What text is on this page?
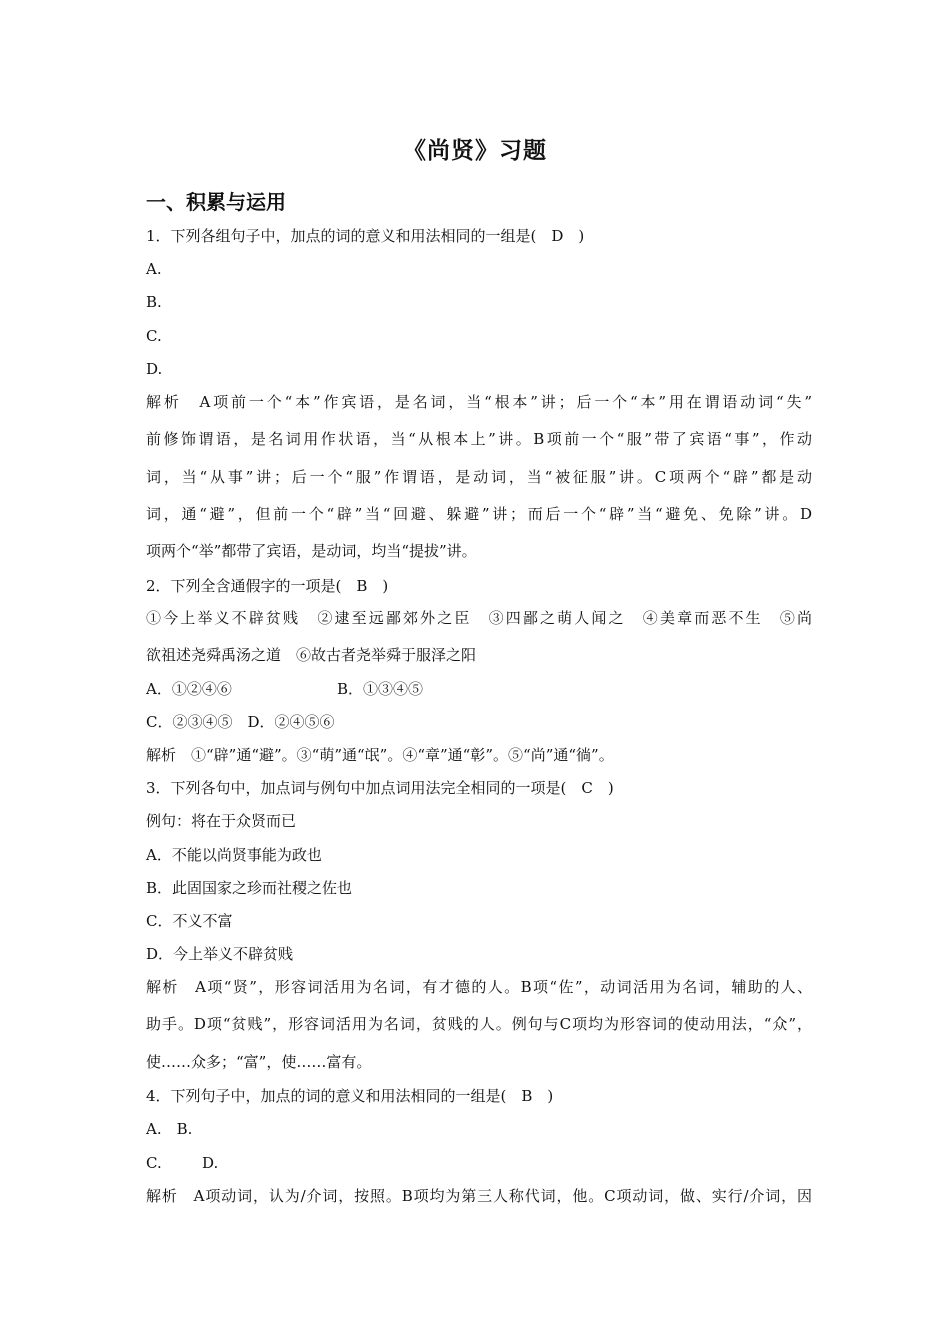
《尚贤》习题
一、积累与运用
1．下列各组句子中，加点的词的意义和用法相同的一组是(　D　)
A.
B.
C.
D.
解析　A项前一个“本”作宾语，是名词，当“根本”讲；后一个“本”用在谓语动词“失”
前修饰谓语，是名词用作状语，当“从根本上”讲。B项前一个“服”带了宾语“事”，作动
词，当“从事”讲；后一个“服”作谓语，是动词，当“被征服”讲。C项两个“辟”都是动
词，通“避”，但前一个“辟”当“回避、躲避”讲；而后一个“辟”当“避免、免除”讲。D
项两个“举”都带了宾语，是动词，均当“提拔”讲。
2．下列全含通假字的一项是(　B　)
①今上举义不辟贫贱　②逮至远鄙郊外之臣　③四鄙之萌人闻之　④美章而恶不生　⑤尚
欲祖述尧舜禹汤之道　⑥故古者尧举舜于服泽之阳
A．①②④⑥	B．①③④⑤
C．②③④⑤　D．②④⑤⑥
解析　①“辟”通“避”。③“萌”通“氓”。④“章”通“彰”。⑤“尚”通“徜”。
3．下列各句中，加点词与例句中加点词用法完全相同的一项是(　C　)
例句：将在于众贤而已
A．不能以尚贤事能为政也
B．此固国家之珍而社稷之佐也
C．不义不富
D．今上举义不辟贫贱
解析　A项“贤”，形容词活用为名词，有才德的人。B项“佐”，动词活用为名词，辅助的人、
助手。D项“贫贱”，形容词活用为名词，贫贱的人。例句与C项均为形容词的使动用法，“众”，
使……众多；“富”，使……富有。
4．下列句子中，加点的词的意义和用法相同的一组是(　B　)
A.　B.
C.	D.
解析　A项动词，认为/介词，按照。B项均为第三人称代词，他。C项动词，做、实行/介词，因
